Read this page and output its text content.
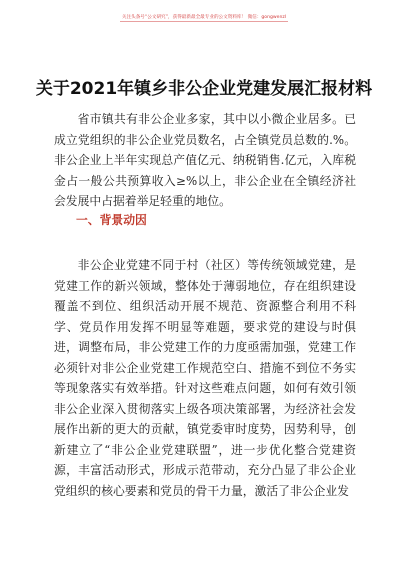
关注头条号“公文研究”，获得最新最全最专业的公文资料库！ 微信：gongwenzl
关于2021年镇乡非公企业党建发展汇报材料

省市镇共有非公企业多家，其中以小微企业居多。已成立党组织的非公企业党员数名，占全镇党员总数的.%。非公企业上半年实现总产值亿元、纳税销售.亿元，入库税金占一般公共预算收入≥%以上，非公企业在全镇经济社会发展中占据着举足轻重的地位。

一、背景动因

非公企业党建不同于村（社区）等传统领域党建，是党建工作的新兴领域，整体处于薄弱地位，存在组织建设覆盖不到位、组织活动开展不规范、资源整合利用不科学、党员作用发挥不明显等难题，要求党的建设与时俱进，调整布局，非公党建工作的力度亟需加强，党建工作必须针对非公企业党建工作规范空白、措施不到位不务实等现象落实有效举措。针对这些难点问题，如何有效引领非公企业深入贯彻落实上级各项决策部署，为经济社会发展作出新的更大的贡献，镇党委审时度势，因势利导，创新建立了“非公企业党建联盟”，进一步优化整合党建资源，丰富活动形式，形成示范带动，充分凸显了非公企业党组织的核心要素和党员的骨干力量，激活了非公企业发
